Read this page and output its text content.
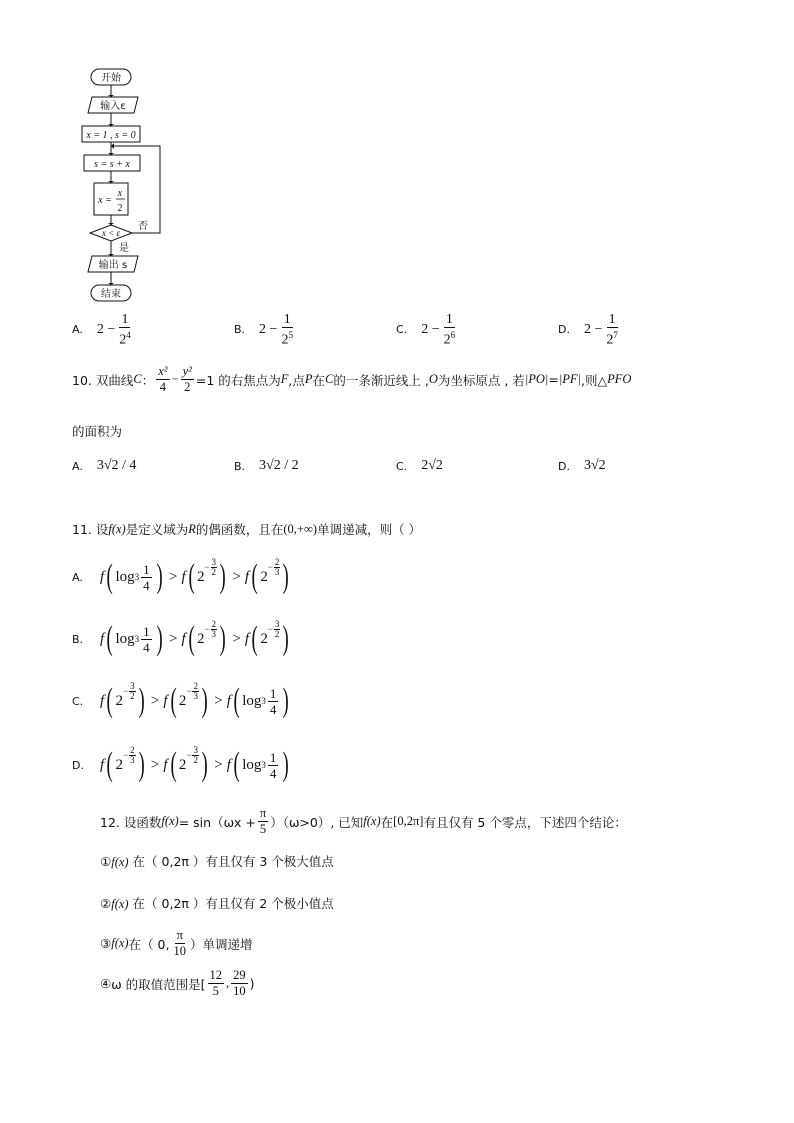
开始
输入ε
x = 1 , s = 0
s = s + x
x =
x
2
x < ε
否
是
输出 s
结束
A. $2 - \frac{1}{2^4}$	B. $2 - \frac{1}{2^5}$	C. $2 - \frac{1}{2^6}$	D. $2 - \frac{1}{2^7}$
10. 双曲线 C ： $\frac{\text{x²}}{4} - \frac{\text{y²}}{2} =1$ 的右焦点为 F ,点 P 在 C 的一条渐近线上 , O 为坐标原点 , 若 |PO| = |PF| ,则△ PFO
的面积为
A. 3√2 / 4	B. 3√2 / 2	C. 2√2	D. 3√2
11. 设 f(x) 是定义域为 R 的偶函数，且在 (0,+∞) 单调递减，则（ ）
A. f ( $\log 3 \frac{1}{4}$ ) > f ( 2
− $\frac{3}{2}$ ) > f ( 2
− $\frac{2}{3}$ )
B. f ( $\log 3 \frac{1}{4}$ ) > f ( 2
− $\frac{2}{3}$ ) > f ( 2
− $\frac{3}{2}$ )
C. f ( 2
− $\frac{3}{2}$ ) > f ( 2
− $\frac{2}{3}$ ) > f ( $\log 3 \frac{1}{4}$ )
D. f ( 2
− $\frac{2}{3}$ ) > f ( 2
− $\frac{3}{2}$ ) > f ( $\log 3 \frac{1}{4}$ )
12. 设函数 $f(x) = \sin(\omega x + \frac{\pi}{5} )(\omega>0)$, 已知 f(x) 在 [0,2π] 有且仅有 5 个零点，下述四个结论：
①f(x) 在（ 0,2π ）有且仅有 3 个极大值点
②f(x) 在（ 0,2π ）有且仅有 2 个极小值点
③ f(x) 在（ 0, $\frac{\pi}{10}$ ）单调递增
④ ω 的取值范围是[ $\frac{12}{5}$ , $\frac{29}{10}$ )
